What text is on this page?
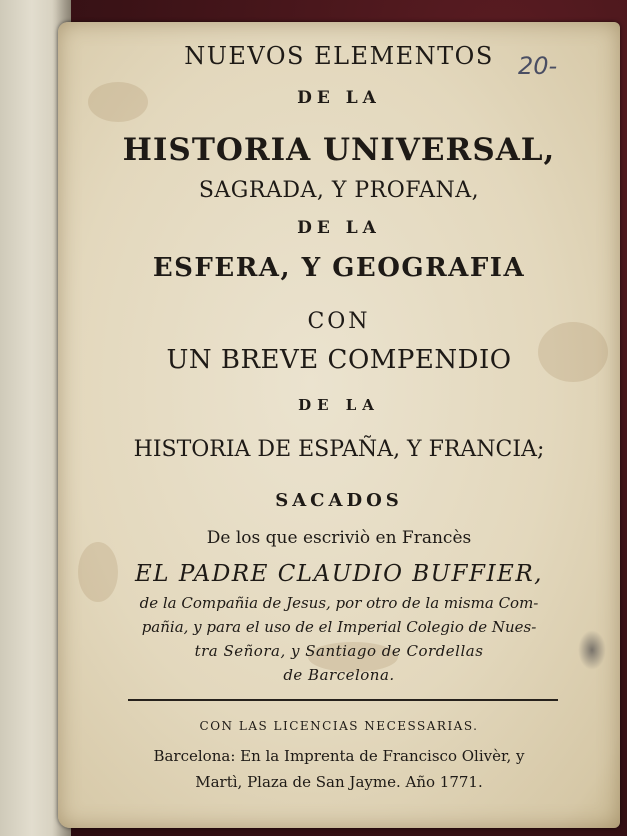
20-
NUEVOS ELEMENTOS
DE LA
HISTORIA UNIVERSAL,
SAGRADA, Y PROFANA,
DE LA
ESFERA, Y GEOGRAFIA
CON
UN BREVE COMPENDIO
DE LA
HISTORIA DE ESPAÑA, Y FRANCIA;
SACADOS
De los que escriviò en Francès
EL PADRE CLAUDIO BUFFIER,
de la Compañia de Jesus, por otro de la misma Com-
pañia, y para el uso de el Imperial Colegio de Nues-
tra Señora, y Santiago de Cordellas
de Barcelona.
CON LAS LICENCIAS NECESSARIAS.
Barcelona: En la Imprenta de Francisco Olivèr, y
Martì, Plaza de San Jayme. Año 1771.
